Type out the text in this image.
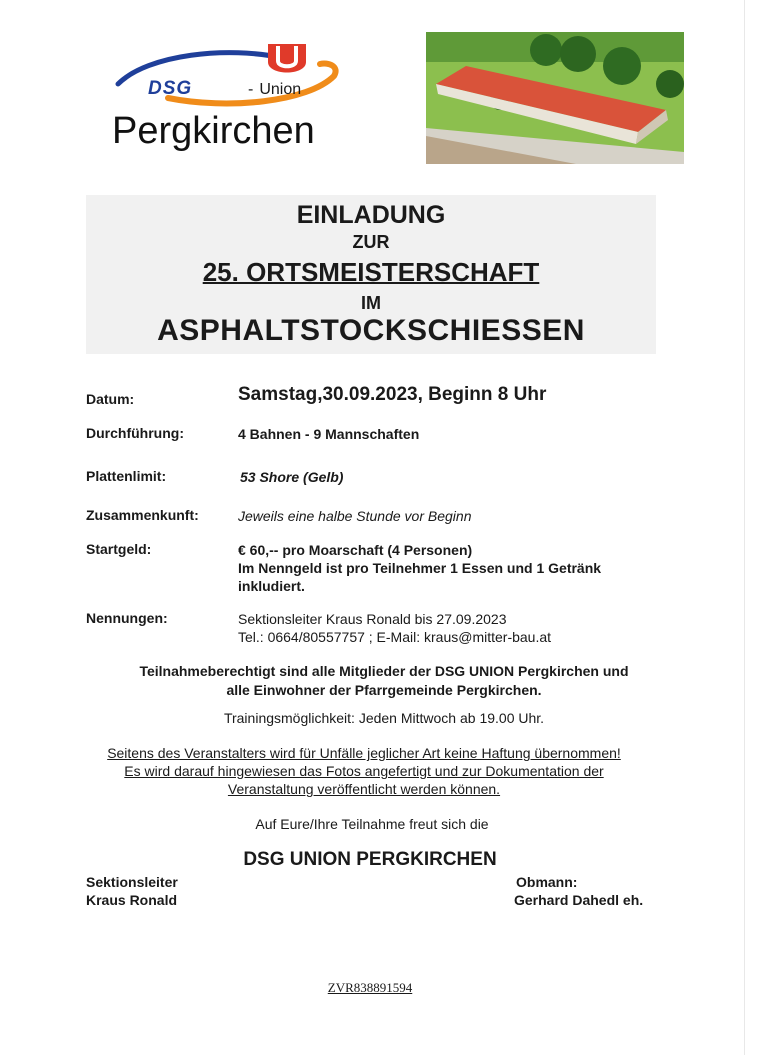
DSG	- Union
Pergkirchen
EINLADUNG
ZUR
25. ORTSMEISTERSCHAFT
IM
ASPHALTSTOCKSCHIESSEN
Datum:	Samstag,30.09.2023, Beginn 8 Uhr
Durchführung:	4 Bahnen - 9 Mannschaften
Plattenlimit:	53 Shore (Gelb)
Zusammenkunft:	Jeweils eine halbe Stunde vor Beginn
Startgeld:	€ 60,-- pro Moarschaft (4 Personen)
Im Nenngeld ist pro Teilnehmer 1 Essen und 1 Getränk
inkludiert.
Nennungen:	Sektionsleiter Kraus Ronald bis 27.09.2023
Tel.: 0664/80557757 ; E-Mail: kraus@mitter-bau.at
Teilnahmeberechtigt sind alle Mitglieder der DSG UNION Pergkirchen und
alle Einwohner der Pfarrgemeinde Pergkirchen.
Trainingsmöglichkeit: Jeden Mittwoch ab 19.00 Uhr.
Seitens des Veranstalters wird für Unfälle jeglicher Art keine Haftung übernommen!
Es wird darauf hingewiesen das Fotos angefertigt und zur Dokumentation der
Veranstaltung veröffentlicht werden können.
Auf Eure/Ihre Teilnahme freut sich die
DSG UNION PERGKIRCHEN
Sektionsleiter
Kraus Ronald
Obmann:
Gerhard Dahedl eh.
ZVR838891594
